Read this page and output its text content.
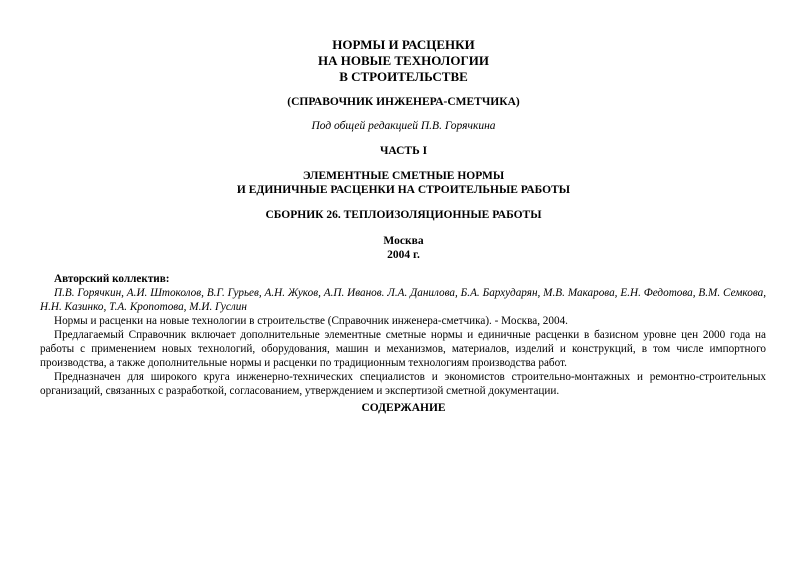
НОРМЫ И РАСЦЕНКИ
НА НОВЫЕ ТЕХНОЛОГИИ
В СТРОИТЕЛЬСТВЕ
(СПРАВОЧНИК ИНЖЕНЕРА-СМЕТЧИКА)
Под общей редакцией П.В. Горячкина
ЧАСТЬ I
ЭЛЕМЕНТНЫЕ СМЕТНЫЕ НОРМЫ
И ЕДИНИЧНЫЕ РАСЦЕНКИ НА СТРОИТЕЛЬНЫЕ РАБОТЫ
СБОРНИК 26. ТЕПЛОИЗОЛЯЦИОННЫЕ РАБОТЫ
Москва
2004 г.

Авторский коллектив:

П.В. Горячкин, А.И. Штоколов, В.Г. Гурьев, А.Н. Жуков, А.П. Иванов. Л.А. Данилова, Б.А. Бархударян, М.В. Макарова, Е.Н. Федотова, В.М. Семкова, Н.Н. Казинко, Т.А. Кропотова, М.И. Гуслин

Нормы и расценки на новые технологии в строительстве (Справочник инженера-сметчика). - Москва, 2004.

Предлагаемый Справочник включает дополнительные элементные сметные нормы и единичные расценки в базисном уровне цен 2000 года на работы с применением новых технологий, оборудования, машин и механизмов, материалов, изделий и конструкций, в том числе импортного производства, а также дополнительные нормы и расценки по традиционным технологиям производства работ.

Предназначен для широкого круга инженерно-технических специалистов и экономистов строительно-монтажных и ремонтно-строительных организаций, связанных с разработкой, согласованием, утверждением и экспертизой сметной документации.

СОДЕРЖАНИЕ
